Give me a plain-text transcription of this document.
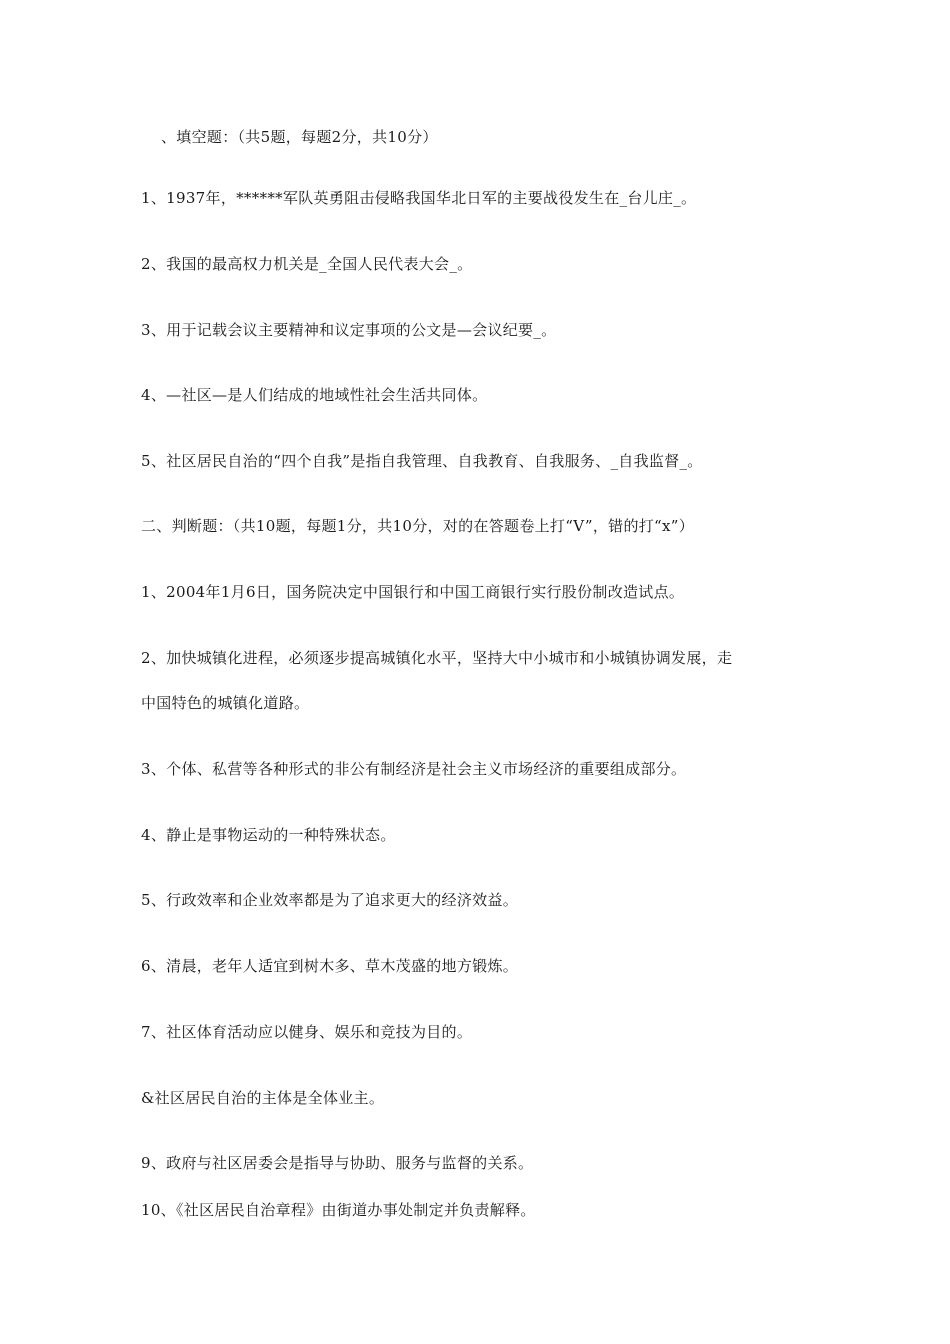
、填空题：（共5题，每题2分，共10分）
1、1937年，******军队英勇阻击侵略我国华北日军的主要战役发生在_台儿庄_。
2、我国的最高权力机关是_全国人民代表大会_。
3、用于记载会议主要精神和议定事项的公文是—会议纪要_。
4、—社区—是人们结成的地域性社会生活共同体。
5、社区居民自治的“四个自我”是指自我管理、自我教育、自我服务、_自我监督_。
二、判断题：（共10题，每题1分，共10分，对的在答题卷上打“V”，错的打“x”）
1、2004年1月6日，国务院决定中国银行和中国工商银行实行股份制改造试点。
2、加快城镇化进程，必须逐步提高城镇化水平，坚持大中小城市和小城镇协调发展，走
中国特色的城镇化道路。
3、个体、私营等各种形式的非公有制经济是社会主义市场经济的重要组成部分。
4、静止是事物运动的一种特殊状态。
5、行政效率和企业效率都是为了追求更大的经济效益。
6、清晨，老年人适宜到树木多、草木茂盛的地方锻炼。
7、社区体育活动应以健身、娱乐和竞技为目的。
&社区居民自治的主体是全体业主。
9、政府与社区居委会是指导与协助、服务与监督的关系。
10、《社区居民自治章程》由街道办事处制定并负责解释。
